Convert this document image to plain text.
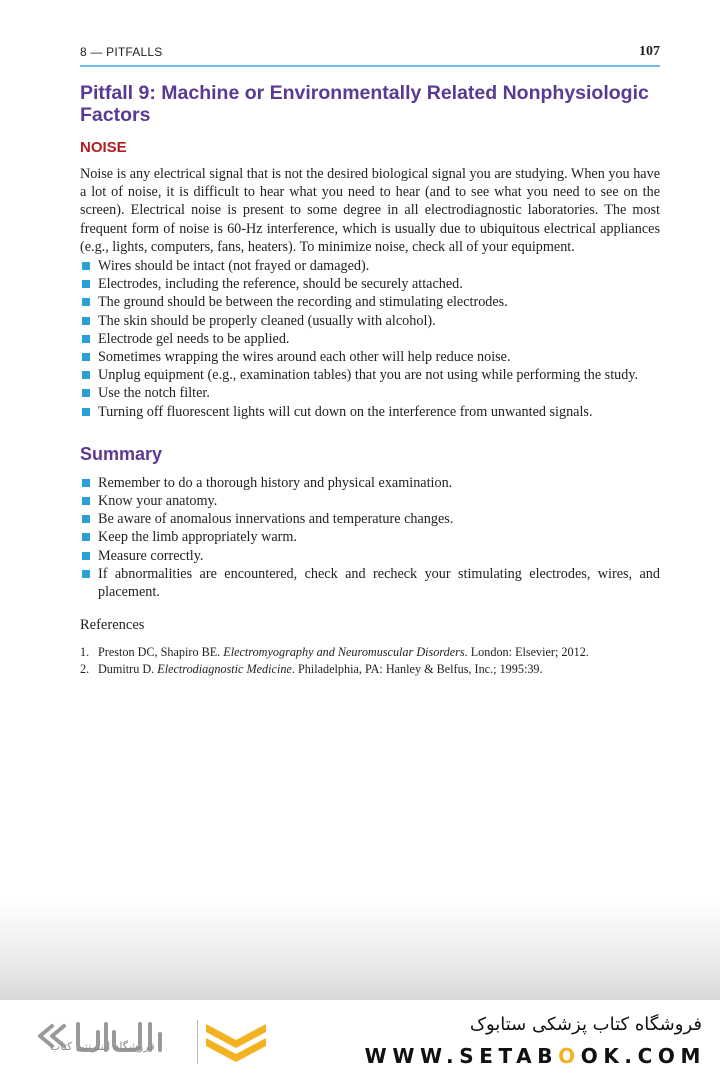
8 — PITFALLS	107
Pitfall 9: Machine or Environmentally Related Nonphysiologic Factors
NOISE

Noise is any electrical signal that is not the desired biological signal you are studying. When you have a lot of noise, it is difficult to hear what you need to hear (and to see what you need to see on the screen). Electrical noise is present to some degree in all electrodiagnostic laboratories. The most frequent form of noise is 60-Hz interference, which is usually due to ubiquitous electrical appliances (e.g., lights, computers, fans, heaters). To minimize noise, check all of your equipment.

Wires should be intact (not frayed or damaged).
Electrodes, including the reference, should be securely attached.
The ground should be between the recording and stimulating electrodes.
The skin should be properly cleaned (usually with alcohol).
Electrode gel needs to be applied.
Sometimes wrapping the wires around each other will help reduce noise.
Unplug equipment (e.g., examination tables) that you are not using while performing the study.
Use the notch filter.
Turning off fluorescent lights will cut down on the interference from unwanted signals.
Summary
Remember to do a thorough history and physical examination.
Know your anatomy.
Be aware of anomalous innervations and temperature changes.
Keep the limb appropriately warm.
Measure correctly.
If abnormalities are encountered, check and recheck your stimulating electrodes, wires, and placement.
References
1. Preston DC, Shapiro BE. Electromyography and Neuromuscular Disorders. London: Elsevier; 2012.
2. Dumitru D. Electrodiagnostic Medicine. Philadelphia, PA: Hanley & Belfus, Inc.; 1995:39.
فروشگاه اینترنتی کتاب
فروشگاه کتاب پزشکی ستابوک
WWW.SETABOOK.COM
